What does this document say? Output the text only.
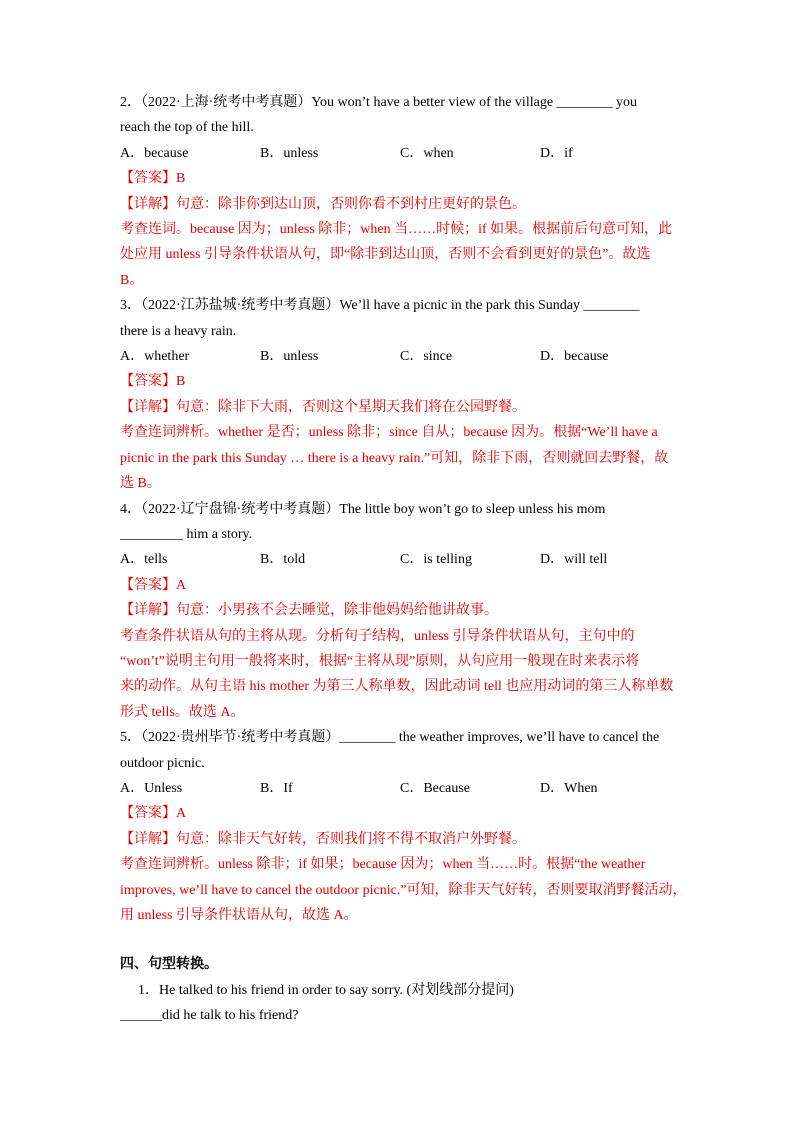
2．（2022·上海·统考中考真题）You won’t have a better view of the village ________ you
reach the top of the hill.
A．because	B．unless	C．when	D．if
【答案】B
【详解】句意：除非你到达山顶，否则你看不到村庄更好的景色。
考查连词。because 因为；unless 除非；when 当……时候；if 如果。根据前后句意可知，此
处应用 unless 引导条件状语从句，即“除非到达山顶，否则不会看到更好的景色”。故选
B。
3．（2022·江苏盐城·统考中考真题）We’ll have a picnic in the park this Sunday ________
there is a heavy rain.
A．whether	B．unless	C．since	D．because
【答案】B
【详解】句意：除非下大雨，否则这个星期天我们将在公园野餐。
考查连词辨析。whether 是否；unless 除非；since 自从；because 因为。根据“We’ll have a
picnic in the park this Sunday … there is a heavy rain.”可知，除非下雨，否则就回去野餐，故
选 B。
4．（2022·辽宁盘锦·统考中考真题）The little boy won’t go to sleep unless his mom
_________ him a story.
A．tells	B．told	C．is telling	D．will tell
【答案】A
【详解】句意：小男孩不会去睡觉，除非他妈妈给他讲故事。
考查条件状语从句的主将从现。分析句子结构，unless 引导条件状语从句，主句中的
“won’t”说明主句用一般将来时，根据“主将从现”原则，从句应用一般现在时来表示将
来的动作。从句主语 his mother 为第三人称单数，因此动词 tell 也应用动词的第三人称单数
形式 tells。故选 A。
5．（2022·贵州毕节·统考中考真题）________ the weather improves, we’ll have to cancel the
outdoor picnic.
A．Unless	B．If	C．Because	D．When
【答案】A
【详解】句意：除非天气好转，否则我们将不得不取消户外野餐。
考查连词辨析。unless 除非；if 如果；because 因为；when 当……时。根据“the weather
improves, we’ll have to cancel the outdoor picnic.”可知，除非天气好转，否则要取消野餐活动，
用 unless 引导条件状语从句，故选 A。
四、句型转换。
1．He talked to his friend in order to say sorry. (对划线部分提问)
______did he talk to his friend?
